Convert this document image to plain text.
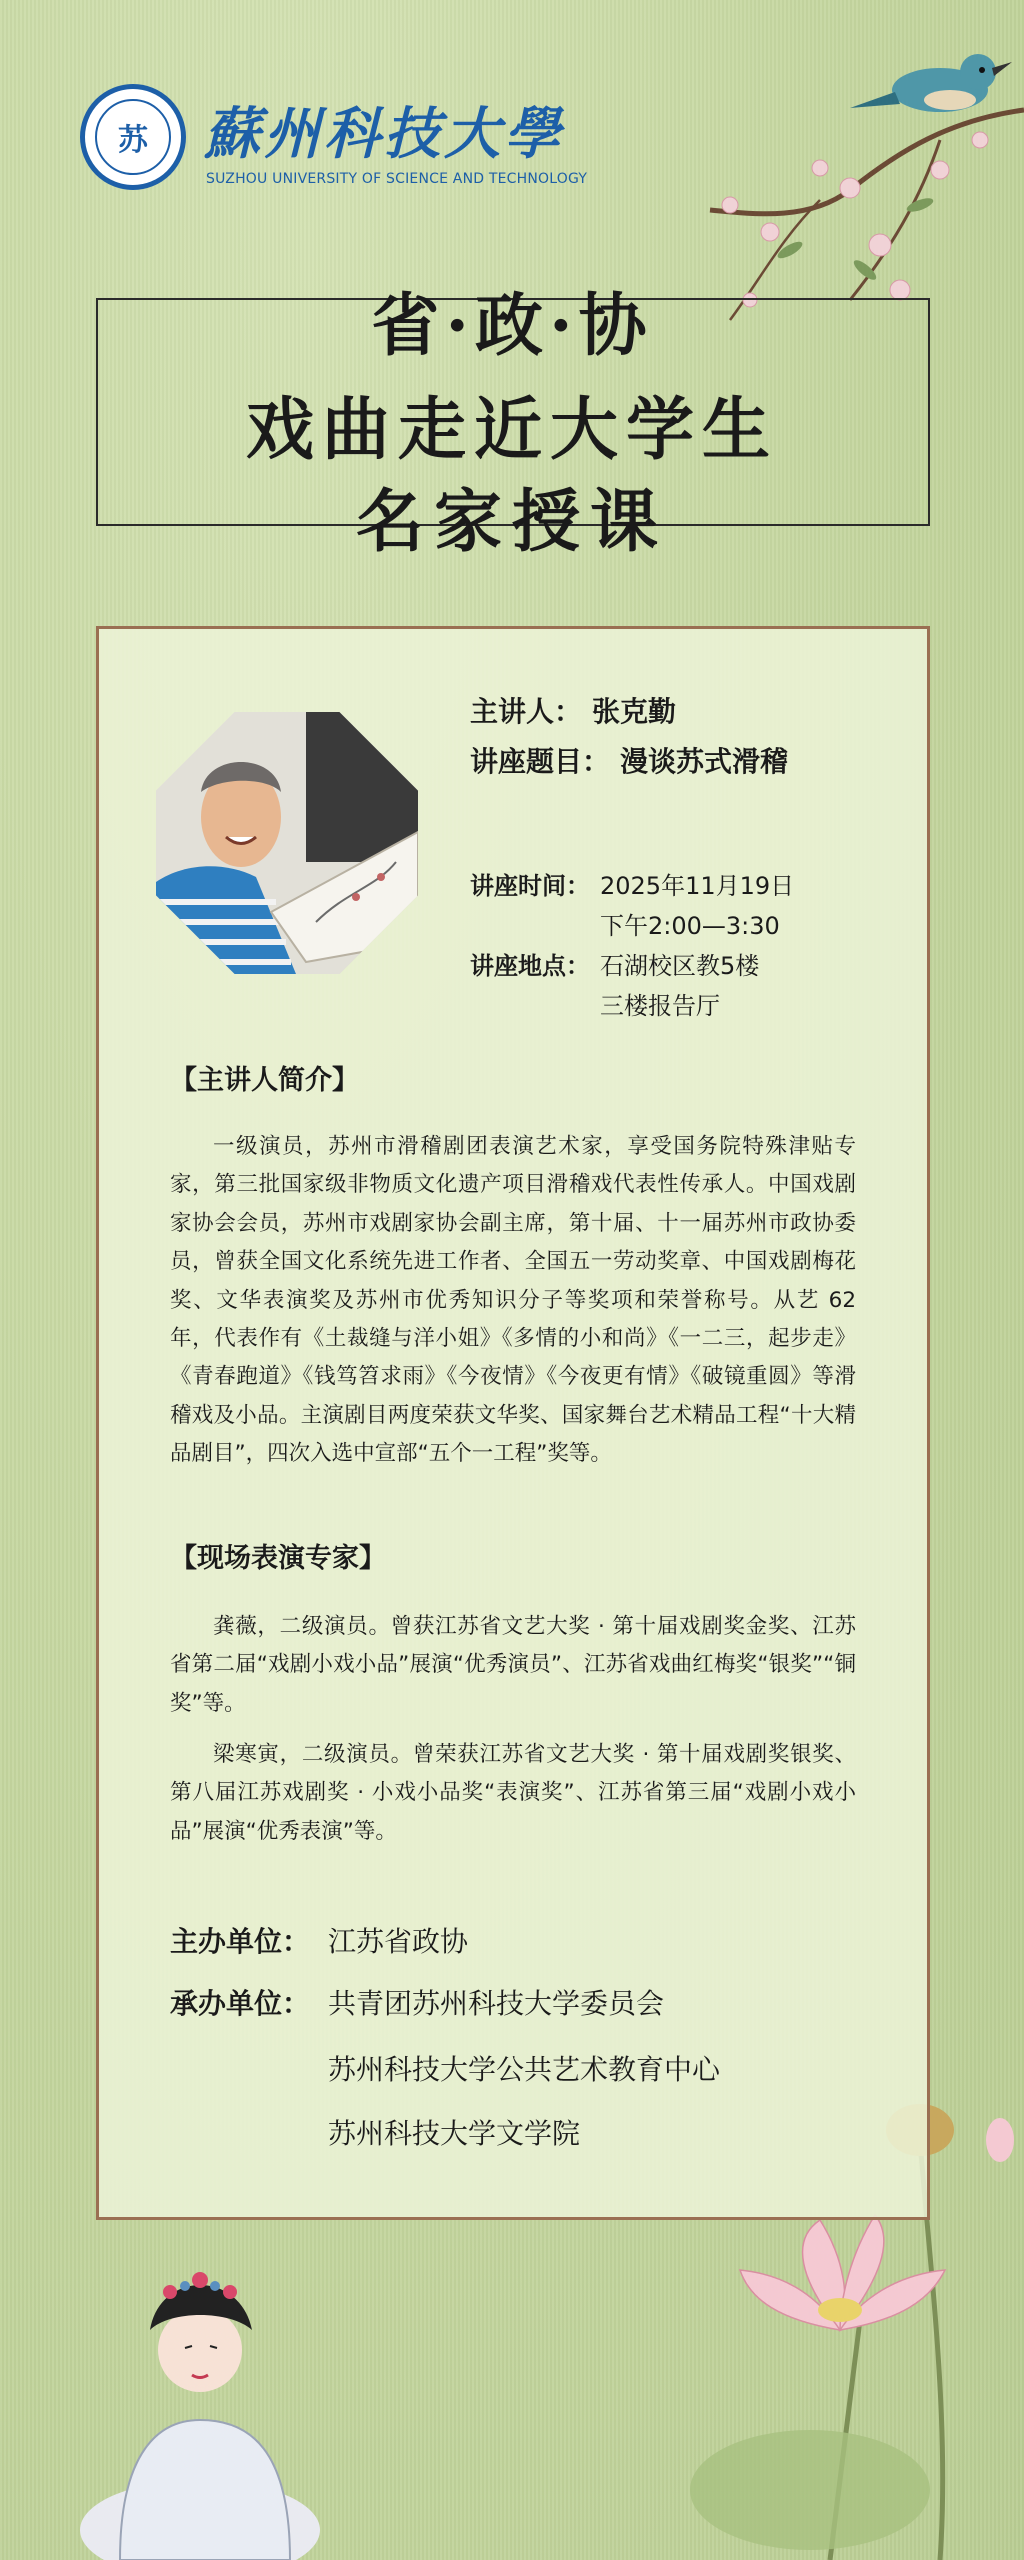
苏 蘇州科技大學
SUZHOU UNIVERSITY OF SCIENCE AND TECHNOLOGY
省·政·协
戏曲走近大学生
名家授课
主讲人： 张克勤
讲座题目： 漫谈苏式滑稽
讲座时间： 2025年11月19日
下午2:00—3:30
讲座地点： 石湖校区教5楼
三楼报告厅
【主讲人简介】
一级演员，苏州市滑稽剧团表演艺术家，享受国务院特殊津贴专家，第三批国家级非物质文化遗产项目滑稽戏代表性传承人。中国戏剧家协会会员，苏州市戏剧家协会副主席，第十届、十一届苏州市政协委员，曾获全国文化系统先进工作者、全国五一劳动奖章、中国戏剧梅花奖、文华表演奖及苏州市优秀知识分子等奖项和荣誉称号。从艺 62 年，代表作有《土裁缝与洋小姐》《多情的小和尚》《一二三，起步走》《青春跑道》《钱笃笤求雨》《今夜情》《今夜更有情》《破镜重圆》等滑稽戏及小品。主演剧目两度荣获文华奖、国家舞台艺术精品工程“十大精品剧目”，四次入选中宣部“五个一工程”奖等。
【现场表演专家】
龚薇，二级演员。曾获江苏省文艺大奖 · 第十届戏剧奖金奖、江苏省第二届“戏剧小戏小品”展演“优秀演员”、江苏省戏曲红梅奖“银奖”“铜奖”等。
梁寒寅，二级演员。曾荣获江苏省文艺大奖 · 第十届戏剧奖银奖、第八届江苏戏剧奖 · 小戏小品奖“表演奖”、江苏省第三届“戏剧小戏小品”展演“优秀表演”等。
主办单位： 江苏省政协
承办单位： 共青团苏州科技大学委员会
苏州科技大学公共艺术教育中心
苏州科技大学文学院
